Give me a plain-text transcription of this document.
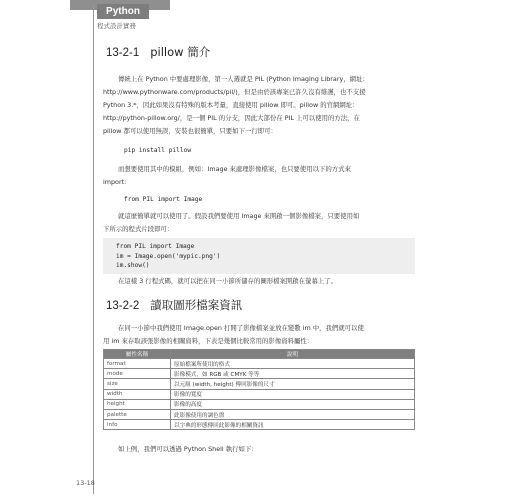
Python
程式設計實務
13-2-1 pillow 簡介
傳統上在 Python 中要處理影像，第一人選就是 PIL (Python Imaging Library，網址：
http://www.pythonware.com/products/pil/)，但是由於該專案已許久沒有維護，也不支援
Python 3.*，因此如果沒有特殊的版本考量，直接使用 pillow 即可。pillow 的官網網址：
http://python-pillow.org/，是一個 PIL 的分支，因此大部份在 PIL 上可以使用的方法，在
pillow 都可以使用無誤，安裝也很簡單，只要如下一行即可：
pip install pillow
而想要使用其中的模組，例如：Image 來處理影像檔案，也只要使用以下的方式來
import：
from PIL import Image
就這麼簡單就可以使用了。假設我們要使用 Image 來開啟一個影像檔案，只要使用如
下所示的程式片段即可：
from PIL import Image
im = Image.open('mypic.png')
im.show()
在這樣 3 行程式碼，就可以把在同一小節所儲存的圖形檔案開啟在螢幕上了。
13-2-2 讀取圖形檔案資訊
在同一小節中我們使用 Image.open 打開了影像檔案並放在變數 im 中，我們就可以使
用 im 來存取該張影像的相關資料，下表是幾個比較常用的影像資料屬性：
屬性名稱	說明
format	原始檔案所使用的格式
mode	影像模式，如 RGB 或 CMYK 等等
size	以元組 (width, height) 傳回影像的尺寸
width	影像的寬度
height	影像的高度
palette	此影像使用的調色盤
info	以字典的形態傳回此影像的相關資訊
如上例，我們可以透過 Python Shell 執行如下：
13-18
